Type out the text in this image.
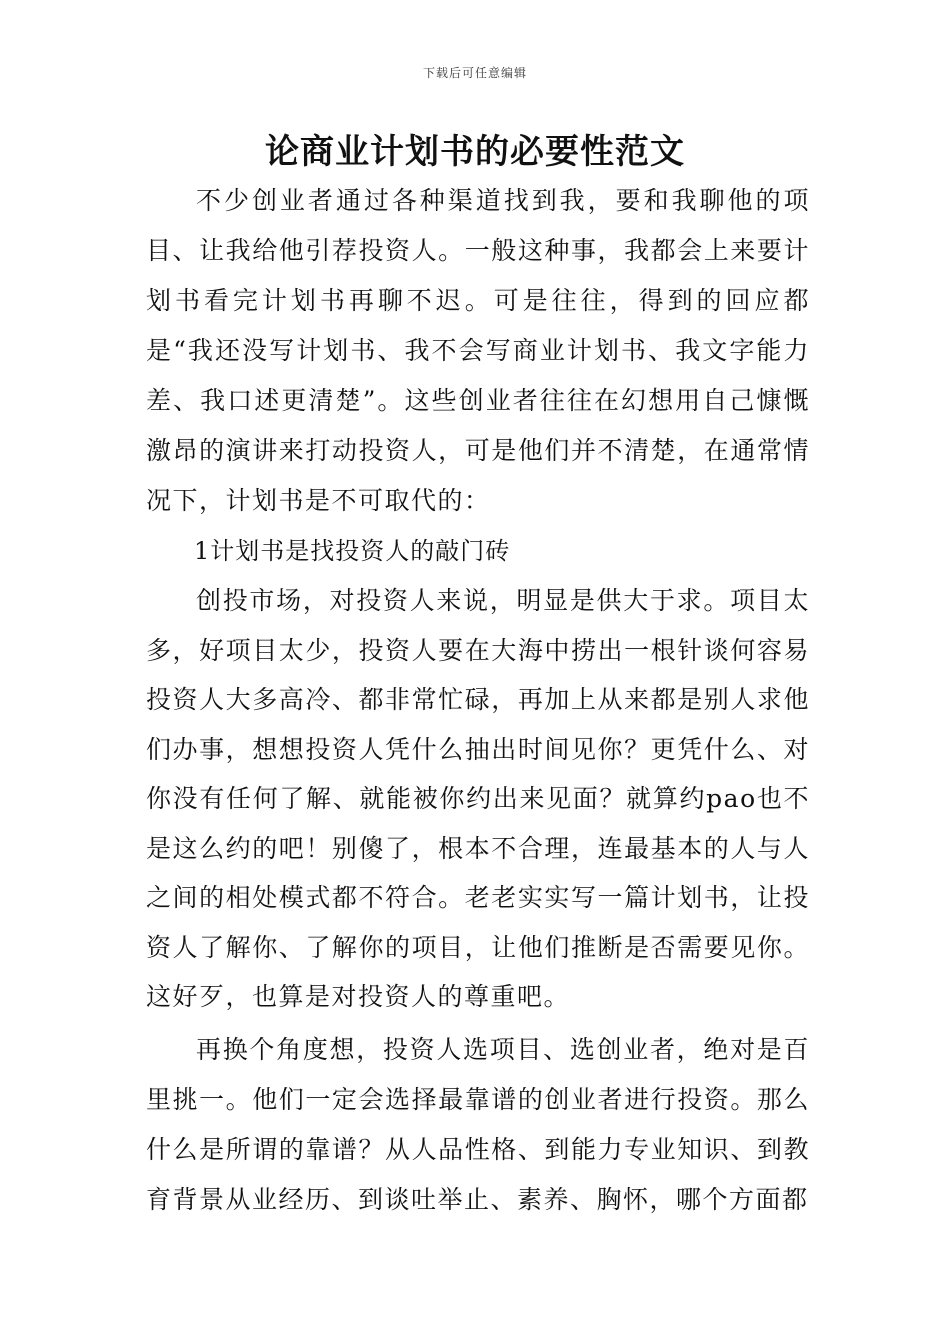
下载后可任意编辑
论商业计划书的必要性范文

不少创业者通过各种渠道找到我，要和我聊他的项目、让我给他引荐投资人。一般这种事，我都会上来要计划书看完计划书再聊不迟。可是往往，得到的回应都是“我还没写计划书、我不会写商业计划书、我文字能力差、我口述更清楚”。这些创业者往往在幻想用自己慷慨激昂的演讲来打动投资人，可是他们并不清楚，在通常情况下，计划书是不可取代的：

1计划书是找投资人的敲门砖

创投市场，对投资人来说，明显是供大于求。项目太多，好项目太少，投资人要在大海中捞出一根针谈何容易投资人大多高冷、都非常忙碌，再加上从来都是别人求他们办事，想想投资人凭什么抽出时间见你？更凭什么、对你没有任何了解、就能被你约出来见面？就算约pao也不是这么约的吧！别傻了，根本不合理，连最基本的人与人之间的相处模式都不符合。老老实实写一篇计划书，让投资人了解你、了解你的项目，让他们推断是否需要见你。这好歹，也算是对投资人的尊重吧。

再换个角度想，投资人选项目、选创业者，绝对是百里挑一。他们一定会选择最靠谱的创业者进行投资。那么什么是所谓的靠谱？从人品性格、到能力专业知识、到教育背景从业经历、到谈吐举止、素养、胸怀，哪个方面都
